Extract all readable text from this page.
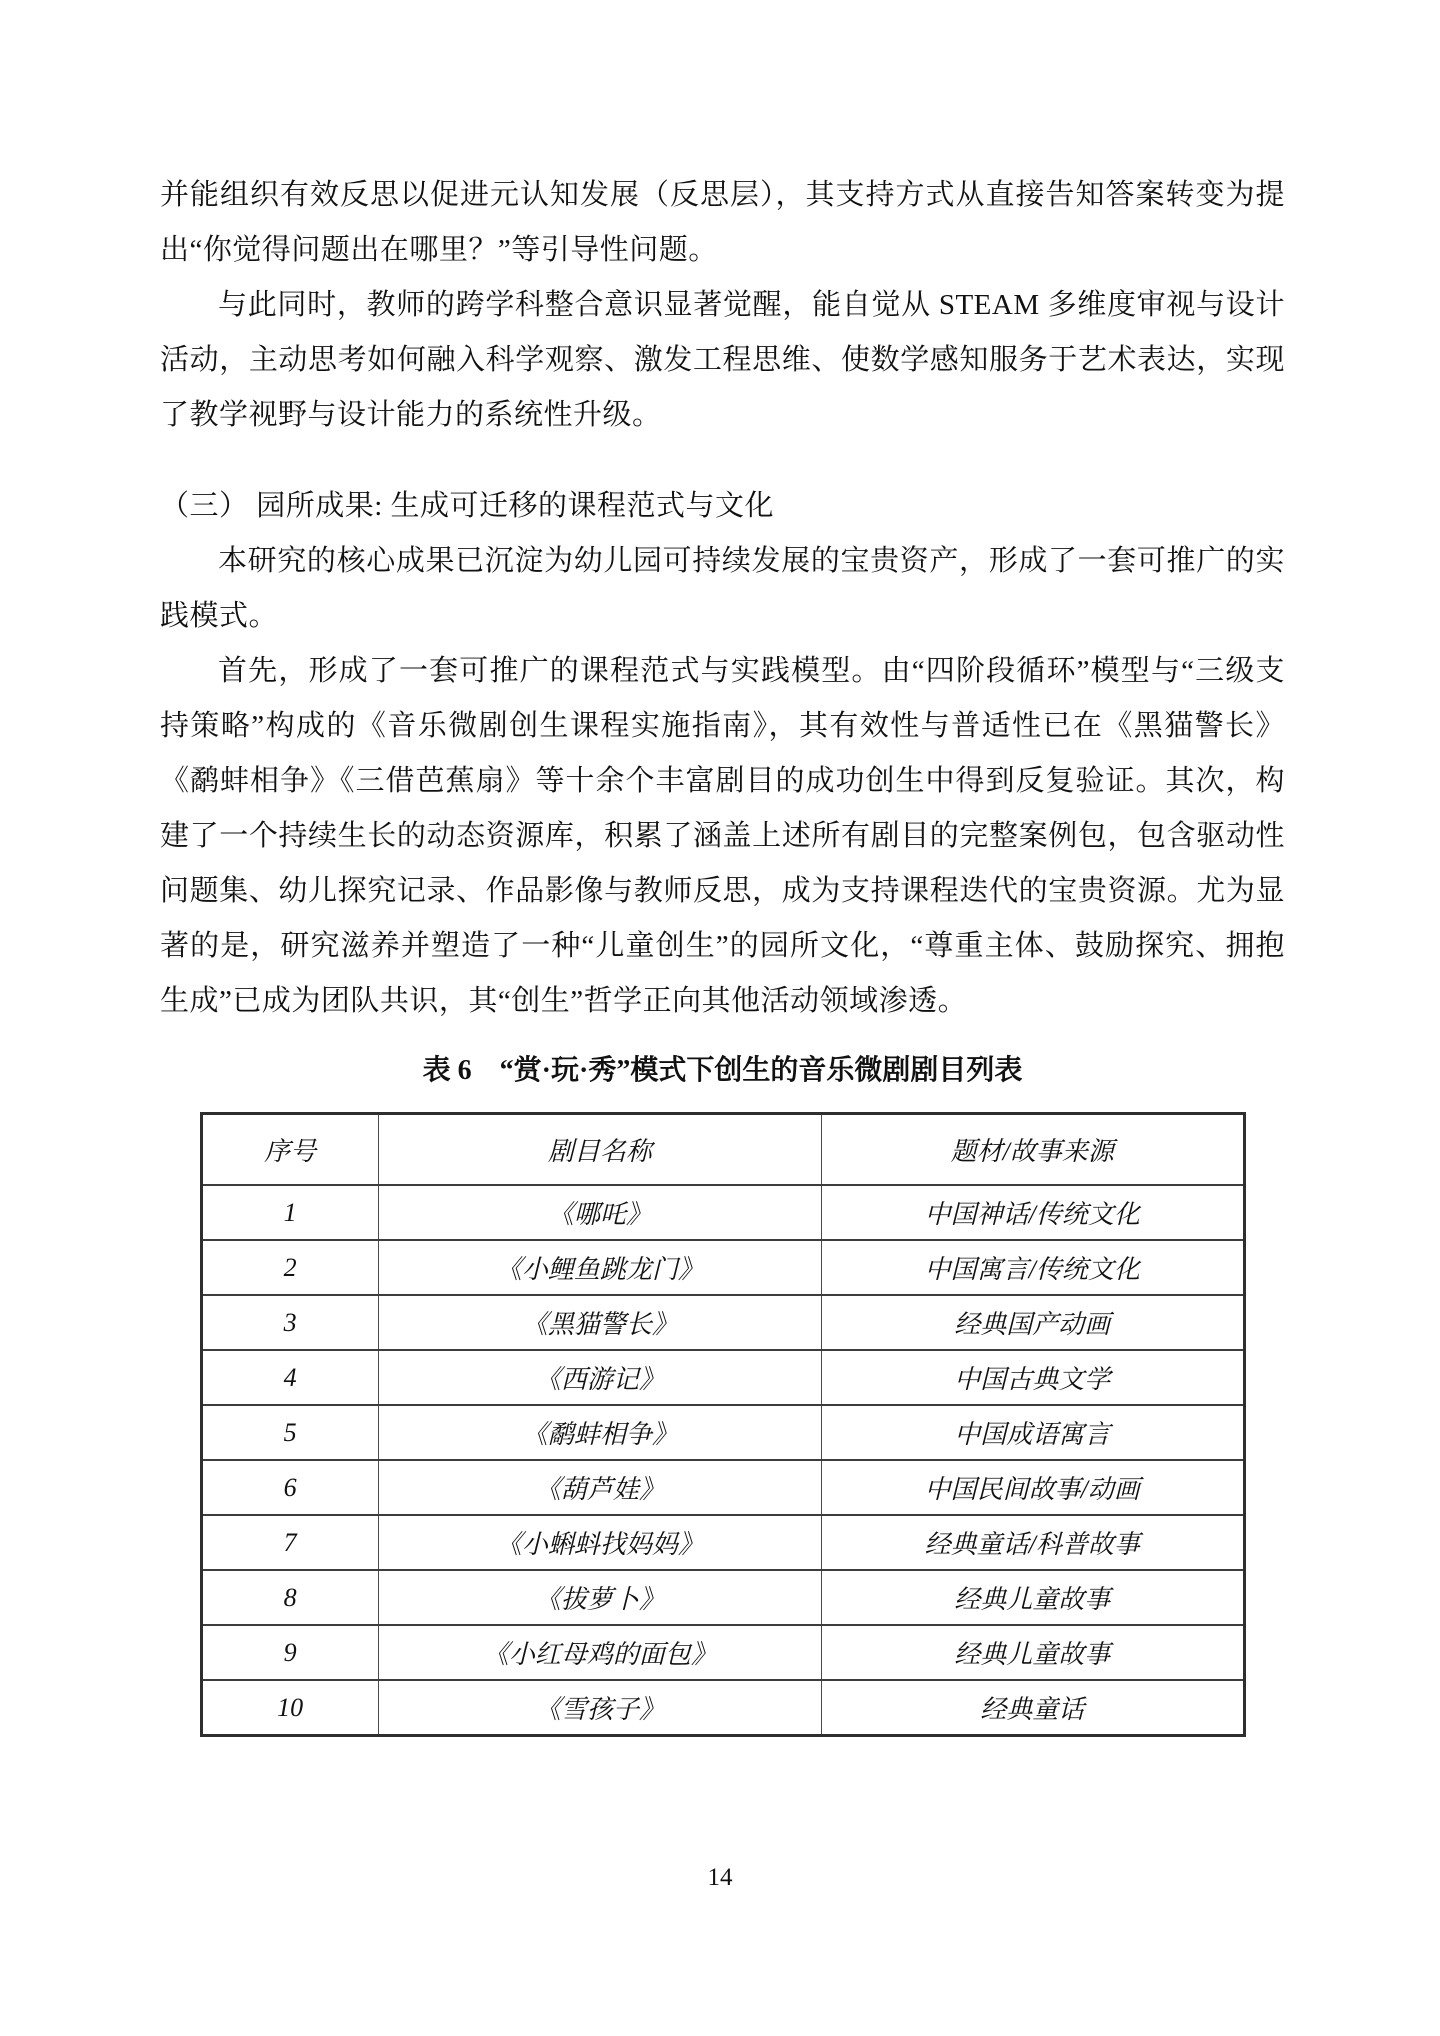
并能组织有效反思以促进元认知发展（反思层），其支持方式从直接告知答案转变为提出“你觉得问题出在哪里？”等引导性问题。
与此同时，教师的跨学科整合意识显著觉醒，能自觉从 STEAM 多维度审视与设计活动，主动思考如何融入科学观察、激发工程思维、使数学感知服务于艺术表达，实现了教学视野与设计能力的系统性升级。
（三） 园所成果: 生成可迁移的课程范式与文化
本研究的核心成果已沉淀为幼儿园可持续发展的宝贵资产，形成了一套可推广的实践模式。
首先，形成了一套可推广的课程范式与实践模型。由“四阶段循环”模型与“三级支持策略”构成的《音乐微剧创生课程实施指南》，其有效性与普适性已在《黑猫警长》《鹬蚌相争》《三借芭蕉扇》等十余个丰富剧目的成功创生中得到反复验证。其次，构建了一个持续生长的动态资源库，积累了涵盖上述所有剧目的完整案例包，包含驱动性问题集、幼儿探究记录、作品影像与教师反思，成为支持课程迭代的宝贵资源。尤为显著的是，研究滋养并塑造了一种“儿童创生”的园所文化，“尊重主体、鼓励探究、拥抱生成”已成为团队共识，其“创生”哲学正向其他活动领域渗透。
表 6　“赏·玩·秀”模式下创生的音乐微剧剧目列表
序号	剧目名称	题材/故事来源
1	《哪吒》	中国神话/传统文化
2	《小鲤鱼跳龙门》	中国寓言/传统文化
3	《黑猫警长》	经典国产动画
4	《西游记》	中国古典文学
5	《鹬蚌相争》	中国成语寓言
6	《葫芦娃》	中国民间故事/动画
7	《小蝌蚪找妈妈》	经典童话/科普故事
8	《拔萝卜》	经典儿童故事
9	《小红母鸡的面包》	经典儿童故事
10	《雪孩子》	经典童话
14
